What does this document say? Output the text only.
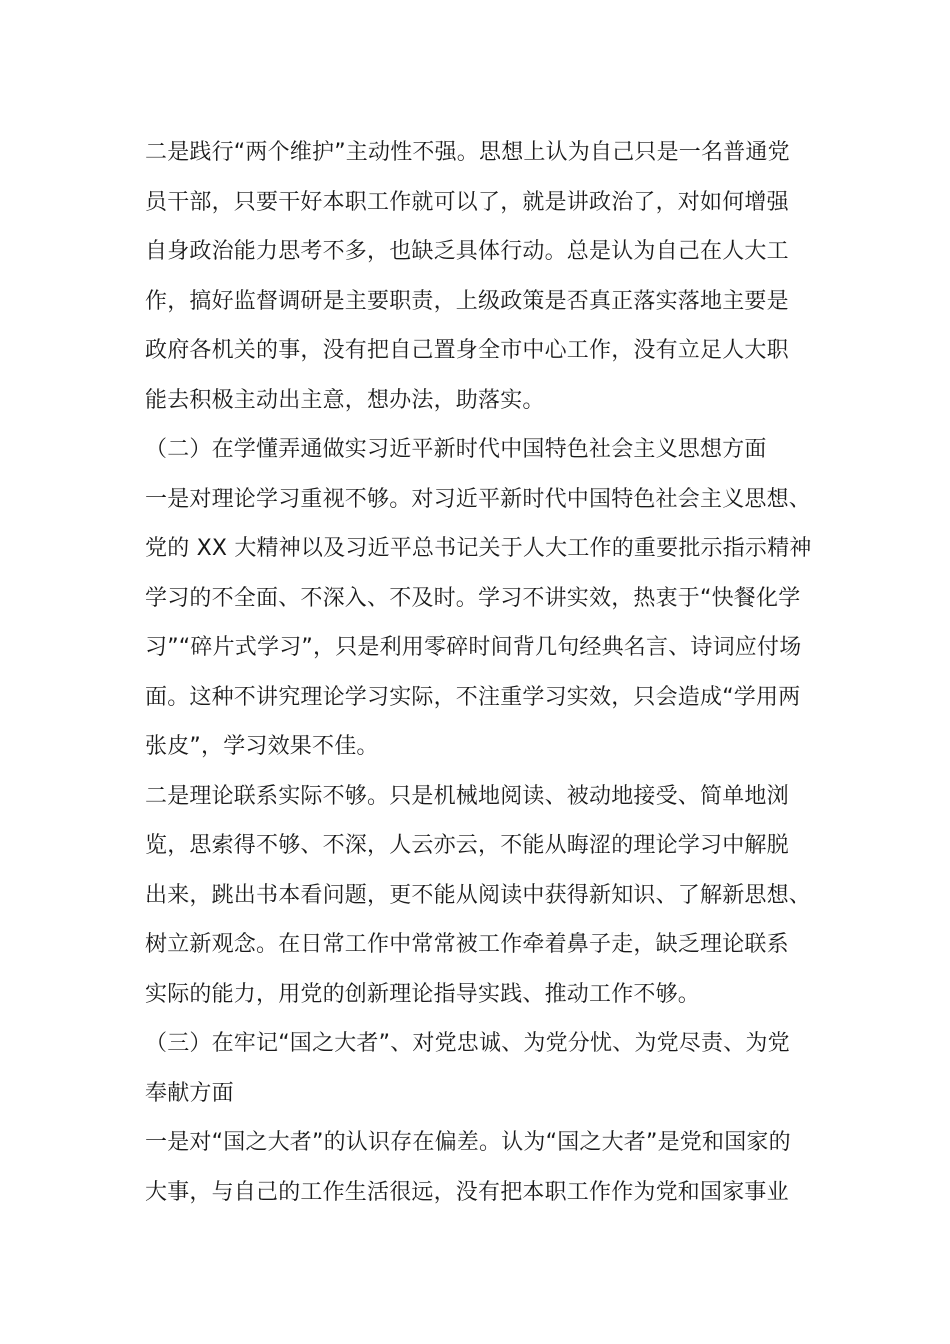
二是践行“两个维护”主动性不强。思想上认为自己只是一名普通党
员干部，只要干好本职工作就可以了，就是讲政治了，对如何增强
自身政治能力思考不多，也缺乏具体行动。总是认为自己在人大工
作，搞好监督调研是主要职责，上级政策是否真正落实落地主要是
政府各机关的事，没有把自己置身全市中心工作，没有立足人大职
能去积极主动出主意，想办法，助落实。

（二）在学懂弄通做实习近平新时代中国特色社会主义思想方面

一是对理论学习重视不够。对习近平新时代中国特色社会主义思想、
党的 XX 大精神以及习近平总书记关于人大工作的重要批示指示精神
学习的不全面、不深入、不及时。学习不讲实效，热衷于“快餐化学
习”“碎片式学习”，只是利用零碎时间背几句经典名言、诗词应付场
面。这种不讲究理论学习实际，不注重学习实效，只会造成“学用两
张皮”，学习效果不佳。

二是理论联系实际不够。只是机械地阅读、被动地接受、简单地浏
览，思索得不够、不深，人云亦云，不能从晦涩的理论学习中解脱
出来，跳出书本看问题，更不能从阅读中获得新知识、了解新思想、
树立新观念。在日常工作中常常被工作牵着鼻子走，缺乏理论联系
实际的能力，用党的创新理论指导实践、推动工作不够。

（三）在牢记“国之大者”、对党忠诚、为党分忧、为党尽责、为党
奉献方面

一是对“国之大者”的认识存在偏差。认为“国之大者”是党和国家的
大事，与自己的工作生活很远，没有把本职工作作为党和国家事业
